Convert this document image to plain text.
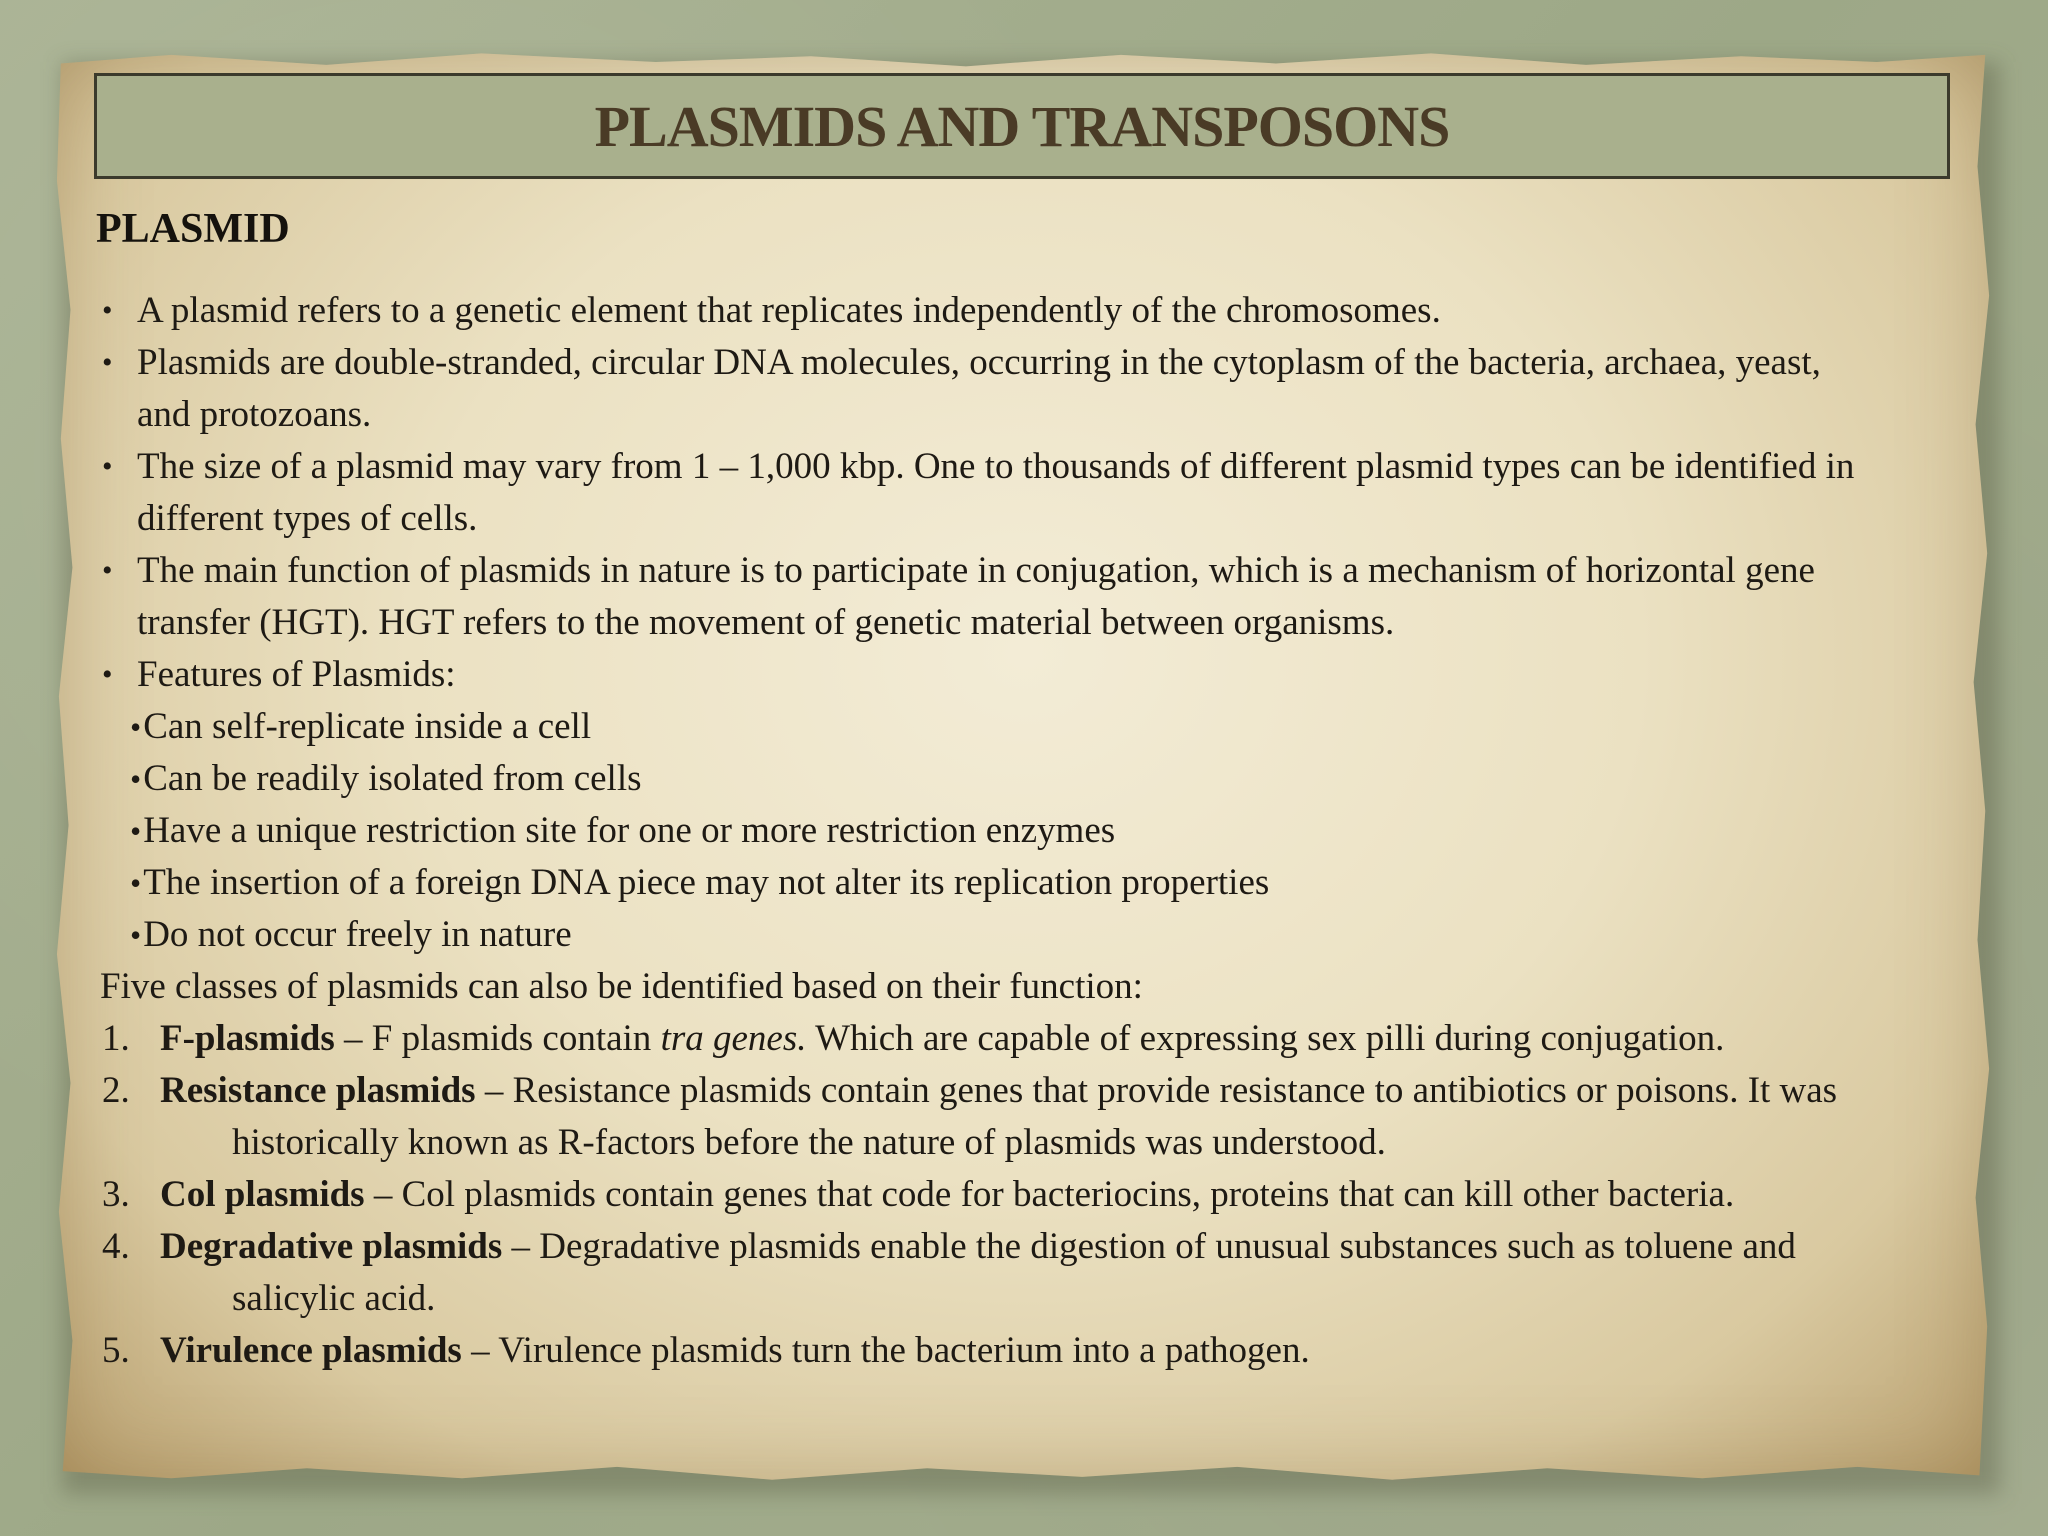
PLASMIDS AND TRANSPOSONS
PLASMID
• A plasmid refers to a genetic element that replicates independently of the chromosomes.
• Plasmids are double-stranded, circular DNA molecules, occurring in the cytoplasm of the bacteria, archaea, yeast,
and protozoans.
• The size of a plasmid may vary from 1 – 1,000 kbp. One to thousands of different plasmid types can be identified in
different types of cells.
• The main function of plasmids in nature is to participate in conjugation, which is a mechanism of horizontal gene
transfer (HGT). HGT refers to the movement of genetic material between organisms.
• Features of Plasmids:
•Can self-replicate inside a cell
•Can be readily isolated from cells
•Have a unique restriction site for one or more restriction enzymes
•The insertion of a foreign DNA piece may not alter its replication properties
•Do not occur freely in nature
Five classes of plasmids can also be identified based on their function:
1. F-plasmids – F plasmids contain tra genes. Which are capable of expressing sex pilli during conjugation.
2. Resistance plasmids – Resistance plasmids contain genes that provide resistance to antibiotics or poisons. It was
historically known as R-factors before the nature of plasmids was understood.
3. Col plasmids – Col plasmids contain genes that code for bacteriocins, proteins that can kill other bacteria.
4. Degradative plasmids – Degradative plasmids enable the digestion of unusual substances such as toluene and
salicylic acid.
5. Virulence plasmids – Virulence plasmids turn the bacterium into a pathogen.
